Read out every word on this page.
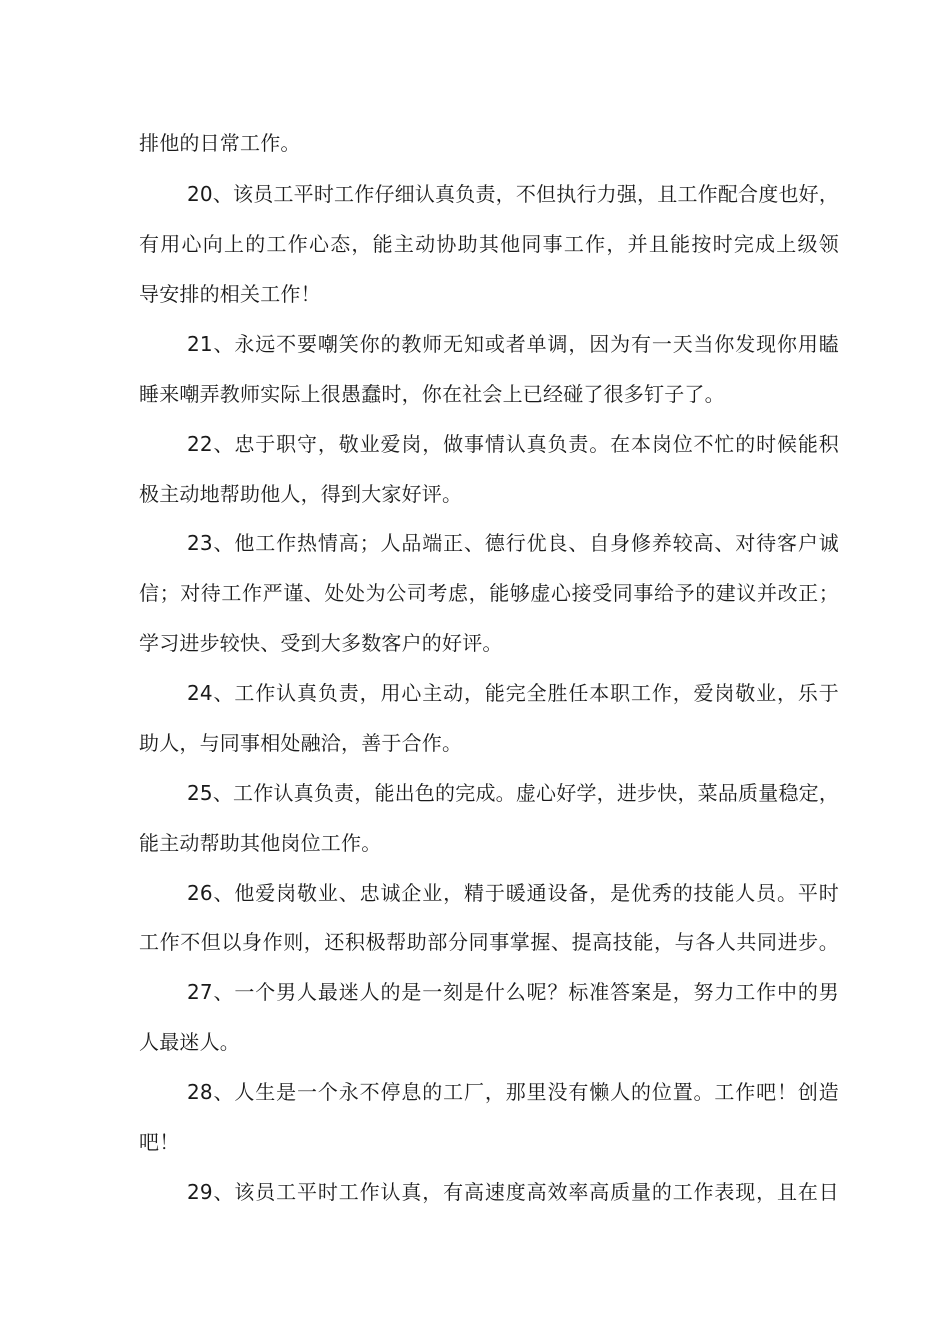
排他的日常工作。
20、该员工平时工作仔细认真负责，不但执行力强，且工作配合度也好，
有用心向上的工作心态，能主动协助其他同事工作，并且能按时完成上级领
导安排的相关工作！
21、永远不要嘲笑你的教师无知或者单调，因为有一天当你发现你用瞌
睡来嘲弄教师实际上很愚蠢时，你在社会上已经碰了很多钉子了。
22、忠于职守，敬业爱岗，做事情认真负责。在本岗位不忙的时候能积
极主动地帮助他人，得到大家好评。
23、他工作热情高；人品端正、德行优良、自身修养较高、对待客户诚
信；对待工作严谨、处处为公司考虑，能够虚心接受同事给予的建议并改正；
学习进步较快、受到大多数客户的好评。
24、工作认真负责，用心主动，能完全胜任本职工作，爱岗敬业，乐于
助人，与同事相处融洽，善于合作。
25、工作认真负责，能出色的完成。虚心好学，进步快，菜品质量稳定，
能主动帮助其他岗位工作。
26、他爱岗敬业、忠诚企业，精于暖通设备，是优秀的技能人员。平时
工作不但以身作则，还积极帮助部分同事掌握、提高技能，与各人共同进步。
27、一个男人最迷人的是一刻是什么呢？标准答案是，努力工作中的男
人最迷人。
28、人生是一个永不停息的工厂，那里没有懒人的位置。工作吧！创造
吧！
29、该员工平时工作认真，有高速度高效率高质量的工作表现，且在日
